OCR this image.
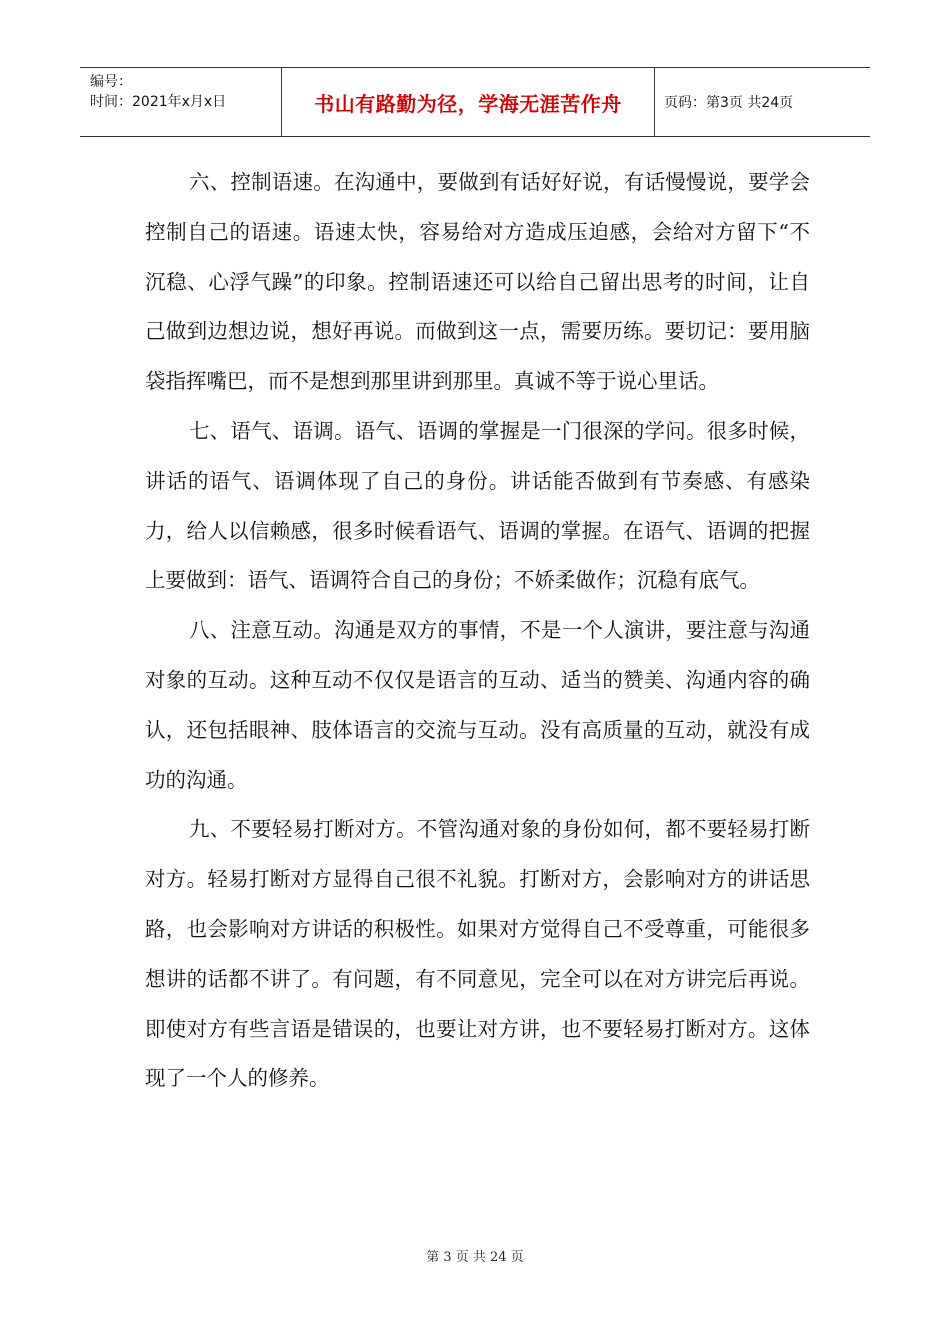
编号：
时间：2021年x月x日	书山有路勤为径，学海无涯苦作舟	页码：第3页 共24页

六、控制语速。在沟通中，要做到有话好好说，有话慢慢说，要学会控制自己的语速。语速太快，容易给对方造成压迫感，会给对方留下“不沉稳、心浮气躁”的印象。控制语速还可以给自己留出思考的时间，让自己做到边想边说，想好再说。而做到这一点，需要历练。要切记：要用脑袋指挥嘴巴，而不是想到那里讲到那里。真诚不等于说心里话。

七、语气、语调。语气、语调的掌握是一门很深的学问。很多时候，讲话的语气、语调体现了自己的身份。讲话能否做到有节奏感、有感染力，给人以信赖感，很多时候看语气、语调的掌握。在语气、语调的把握上要做到：语气、语调符合自己的身份；不娇柔做作；沉稳有底气。

八、注意互动。沟通是双方的事情，不是一个人演讲，要注意与沟通对象的互动。这种互动不仅仅是语言的互动、适当的赞美、沟通内容的确认，还包括眼神、肢体语言的交流与互动。没有高质量的互动，就没有成功的沟通。

九、不要轻易打断对方。不管沟通对象的身份如何，都不要轻易打断对方。轻易打断对方显得自己很不礼貌。打断对方，会影响对方的讲话思路，也会影响对方讲话的积极性。如果对方觉得自己不受尊重，可能很多想讲的话都不讲了。有问题，有不同意见，完全可以在对方讲完后再说。即使对方有些言语是错误的，也要让对方讲，也不要轻易打断对方。这体现了一个人的修养。

第 3 页 共 24 页
